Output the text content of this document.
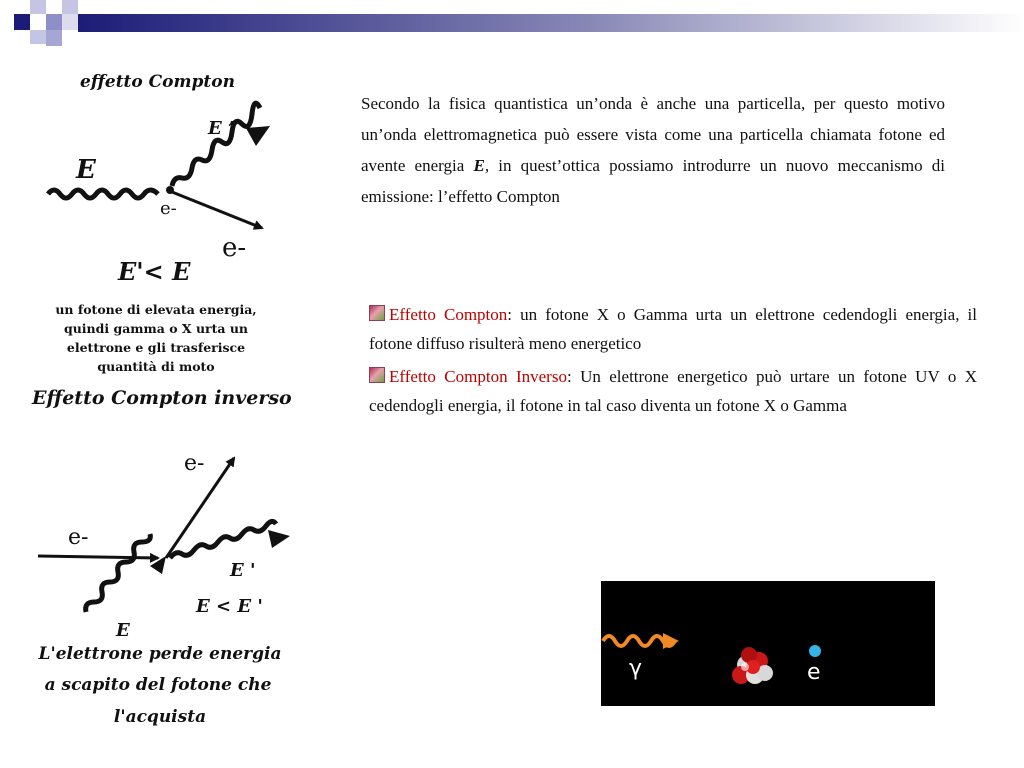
effetto Compton
E
E ’
e-
e-
E'< E
un fotone di elevata energia,
quindi gamma o X urta un
elettrone e gli trasferisce
quantità di moto
Effetto Compton inverso
e-
e-
E
E '
E < E '
L'elettrone perde energia
a scapito del fotone che
l'acquista
Secondo la fisica quantistica un’onda è anche una particella, per questo motivo un’onda elettromagnetica può essere vista come una particella chiamata fotone ed avente energia E, in quest’ottica possiamo introdurre un nuovo meccanismo di emissione: l’effetto Compton
Effetto Compton: un fotone X o Gamma urta un elettrone cedendogli energia, il fotone diffuso risulterà meno energetico
Effetto Compton Inverso: Un elettrone energetico può urtare un fotone UV o X cedendogli energia, il fotone in tal caso diventa un fotone X o Gamma
γ	e
